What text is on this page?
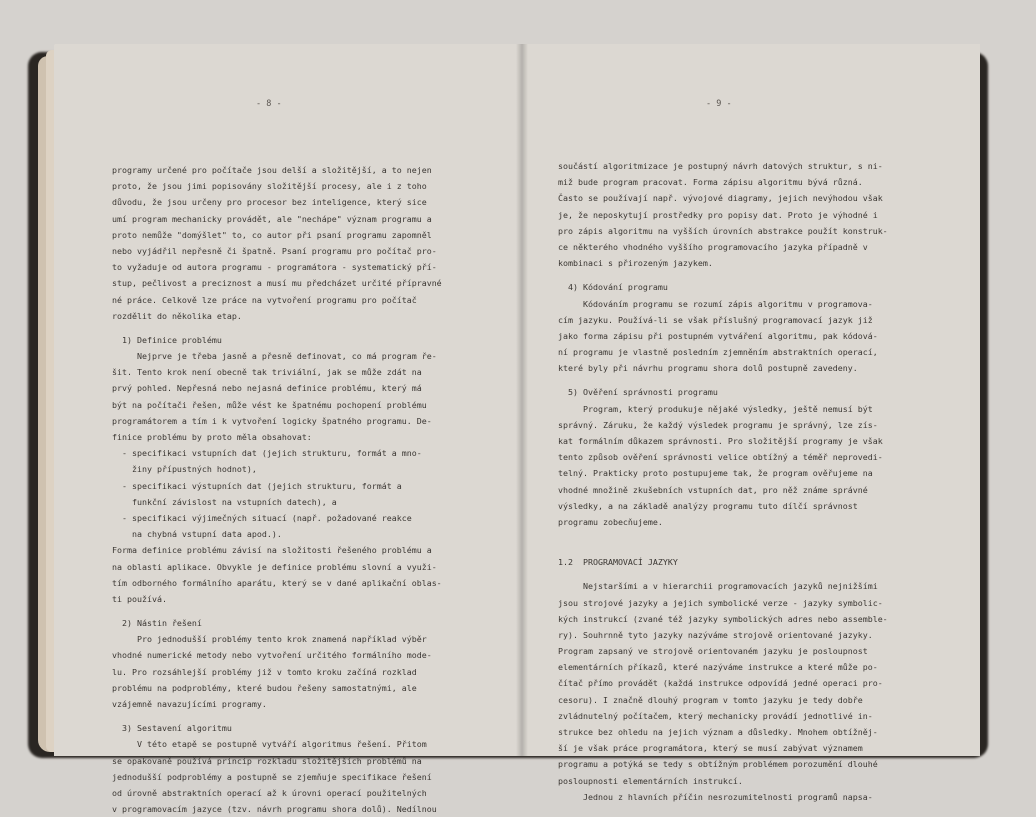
- 8 -
programy určené pro počítače jsou delší a složitější, a to nejen
proto, že jsou jimi popisovány složitější procesy, ale i z toho
důvodu, že jsou určeny pro procesor bez inteligence, který sice
umí program mechanicky provádět, ale "nechápe" význam programu a
proto nemůže "domýšlet" to, co autor při psaní programu zapomněl
nebo vyjádřil nepřesně či špatně. Psaní programu pro počítač pro-
to vyžaduje od autora programu - programátora - systematický pří-
stup, pečlivost a preciznost a musí mu předcházet určité přípravné
né práce. Celkově lze práce na vytvoření programu pro počítač
rozdělit do několika etap.
1) Definice problému
Nejprve je třeba jasně a přesně definovat, co má program ře-
šit. Tento krok není obecně tak triviální, jak se může zdát na
prvý pohled. Nepřesná nebo nejasná definice problému, který má
být na počítači řešen, může vést ke špatnému pochopení problému
programátorem a tím i k vytvoření logicky špatného programu. De-
finice problému by proto měla obsahovat:
- specifikaci vstupních dat (jejich strukturu, formát a mno-
žiny přípustných hodnot),
- specifikaci výstupních dat (jejich strukturu, formát a
funkční závislost na vstupních datech), a
- specifikaci výjimečných situací (např. požadované reakce
na chybná vstupní data apod.).
Forma definice problému závisí na složitosti řešeného problému a
na oblasti aplikace. Obvykle je definice problému slovní a využi-
tím odborného formálního aparátu, který se v dané aplikační oblas-
ti používá.
2) Nástin řešení
Pro jednodušší problémy tento krok znamená například výběr
vhodné numerické metody nebo vytvoření určitého formálního mode-
lu. Pro rozsáhlejší problémy již v tomto kroku začíná rozklad
problému na podproblémy, které budou řešeny samostatnými, ale
vzájemně navazujícími programy.
3) Sestavení algoritmu
V této etapě se postupně vytváří algoritmus řešení. Přitom
se opakovaně používá princip rozkladu složitějších problémů na
jednodušší podproblémy a postupně se zjemňuje specifikace řešení
od úrovně abstraktních operací až k úrovni operací použitelných
v programovacím jazyce (tzv. návrh programu shora dolů). Nedílnou
- 9 -
součástí algoritmizace je postupný návrh datových struktur, s ni-
miž bude program pracovat. Forma zápisu algoritmu bývá různá.
Často se používají např. vývojové diagramy, jejich nevýhodou však
je, že neposkytují prostředky pro popisy dat. Proto je výhodné i
pro zápis algoritmu na vyšších úrovních abstrakce použít konstruk-
ce některého vhodného vyššího programovacího jazyka případně v
kombinaci s přirozeným jazykem.
4) Kódování programu
Kódováním programu se rozumí zápis algoritmu v programova-
cím jazyku. Používá-li se však příslušný programovací jazyk již
jako forma zápisu při postupném vytváření algoritmu, pak kódová-
ní programu je vlastně posledním zjemněním abstraktních operací,
které byly při návrhu programu shora dolů postupně zavedeny.
5) Ověření správnosti programu
Program, který produkuje nějaké výsledky, ještě nemusí být
správný. Záruku, že každý výsledek programu je správný, lze zís-
kat formálním důkazem správnosti. Pro složitější programy je však
tento způsob ověření správnosti velice obtížný a téměř neprovedi-
telný. Prakticky proto postupujeme tak, že program ověřujeme na
vhodné množině zkušebních vstupních dat, pro něž známe správné
výsledky, a na základě analýzy programu tuto dílčí správnost
programu zobecňujeme.
1.2  PROGRAMOVACÍ JAZYKY
Nejstaršími a v hierarchii programovacích jazyků nejnižšími
jsou strojové jazyky a jejich symbolické verze - jazyky symbolic-
kých instrukcí (zvané též jazyky symbolických adres nebo assemble-
ry). Souhrnně tyto jazyky nazýváme strojově orientované jazyky.
Program zapsaný ve strojově orientovaném jazyku je posloupnost
elementárních příkazů, které nazýváme instrukce a které může po-
čítač přímo provádět (každá instrukce odpovídá jedné operaci pro-
cesoru). I značně dlouhý program v tomto jazyku je tedy dobře
zvládnutelný počítačem, který mechanicky provádí jednotlivé in-
strukce bez ohledu na jejich význam a důsledky. Mnohem obtížněj-
ší je však práce programátora, který se musí zabývat významem
programu a potýká se tedy s obtížným problémem porozumění dlouhé
posloupnosti elementárních instrukcí.
Jednou z hlavních příčin nesrozumitelnosti programů napsa-
